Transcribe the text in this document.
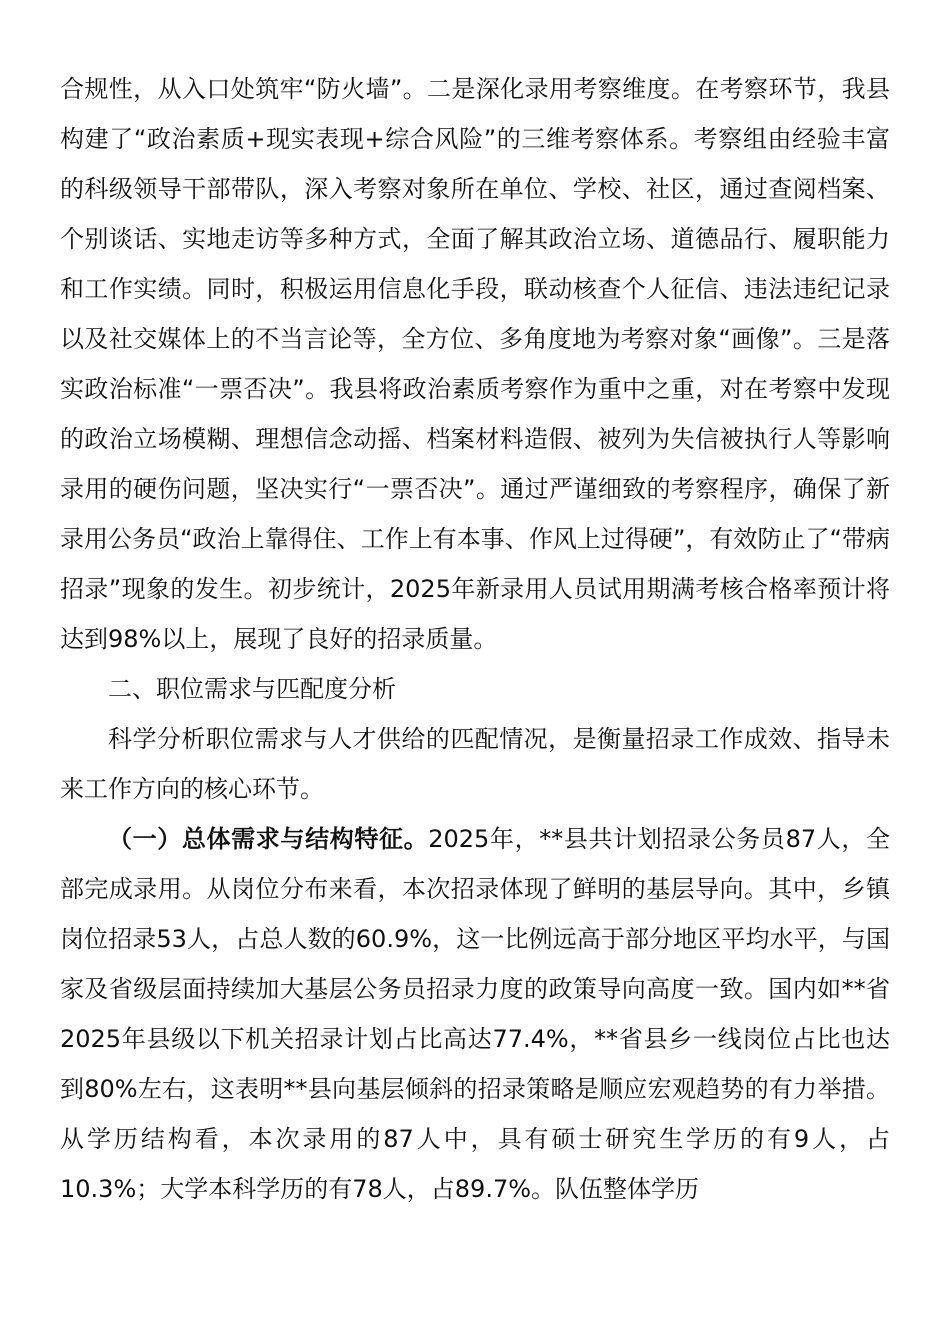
合规性，从入口处筑牢“防火墙”。二是深化录用考察维度。在考察环节，我县构建了“政治素质+现实表现+综合风险”的三维考察体系。考察组由经验丰富的科级领导干部带队，深入考察对象所在单位、学校、社区，通过查阅档案、个别谈话、实地走访等多种方式，全面了解其政治立场、道德品行、履职能力和工作实绩。同时，积极运用信息化手段，联动核查个人征信、违法违纪记录以及社交媒体上的不当言论等，全方位、多角度地为考察对象“画像”。三是落实政治标准“一票否决”。我县将政治素质考察作为重中之重，对在考察中发现的政治立场模糊、理想信念动摇、档案材料造假、被列为失信被执行人等影响录用的硬伤问题，坚决实行“一票否决”。通过严谨细致的考察程序，确保了新录用公务员“政治上靠得住、工作上有本事、作风上过得硬”，有效防止了“带病招录”现象的发生。初步统计，2025年新录用人员试用期满考核合格率预计将达到98%以上，展现了良好的招录质量。

二、职位需求与匹配度分析

科学分析职位需求与人才供给的匹配情况，是衡量招录工作成效、指导未来工作方向的核心环节。

（一）总体需求与结构特征。2025年，**县共计划招录公务员87人，全部完成录用。从岗位分布来看，本次招录体现了鲜明的基层导向。其中，乡镇岗位招录53人，占总人数的60.9%，这一比例远高于部分地区平均水平，与国家及省级层面持续加大基层公务员招录力度的政策导向高度一致。国内如**省2025年县级以下机关招录计划占比高达77.4%，**省县乡一线岗位占比也达到80%左右，这表明**县向基层倾斜的招录策略是顺应宏观趋势的有力举措。从学历结构看，本次录用的87人中，具有硕士研究生学历的有9人，占10.3%；大学本科学历的有78人，占89.7%。队伍整体学历
